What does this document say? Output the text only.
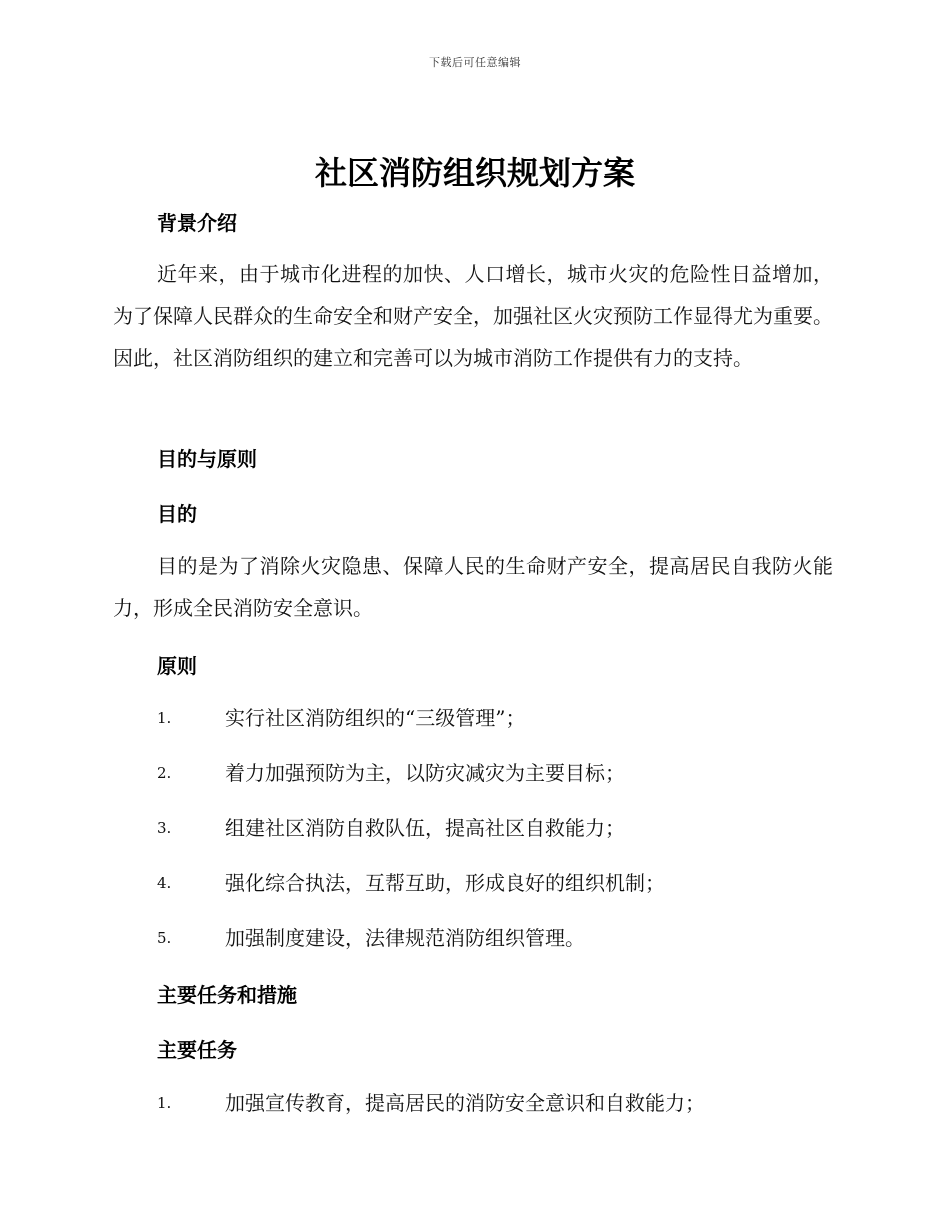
下载后可任意编辑
社区消防组织规划方案
背景介绍

近年来，由于城市化进程的加快、人口增长，城市火灾的危险性日益增加，为了保障人民群众的生命安全和财产安全，加强社区火灾预防工作显得尤为重要。因此，社区消防组织的建立和完善可以为城市消防工作提供有力的支持。

目的与原则
目的

目的是为了消除火灾隐患、保障人民的生命财产安全，提高居民自我防火能力，形成全民消防安全意识。

原则
1.	实行社区消防组织的“三级管理”；
2.	着力加强预防为主，以防灾减灾为主要目标；
3.	组建社区消防自救队伍，提高社区自救能力；
4.	强化综合执法，互帮互助，形成良好的组织机制；
5.	加强制度建设，法律规范消防组织管理。
主要任务和措施
主要任务
1.	加强宣传教育，提高居民的消防安全意识和自救能力；
